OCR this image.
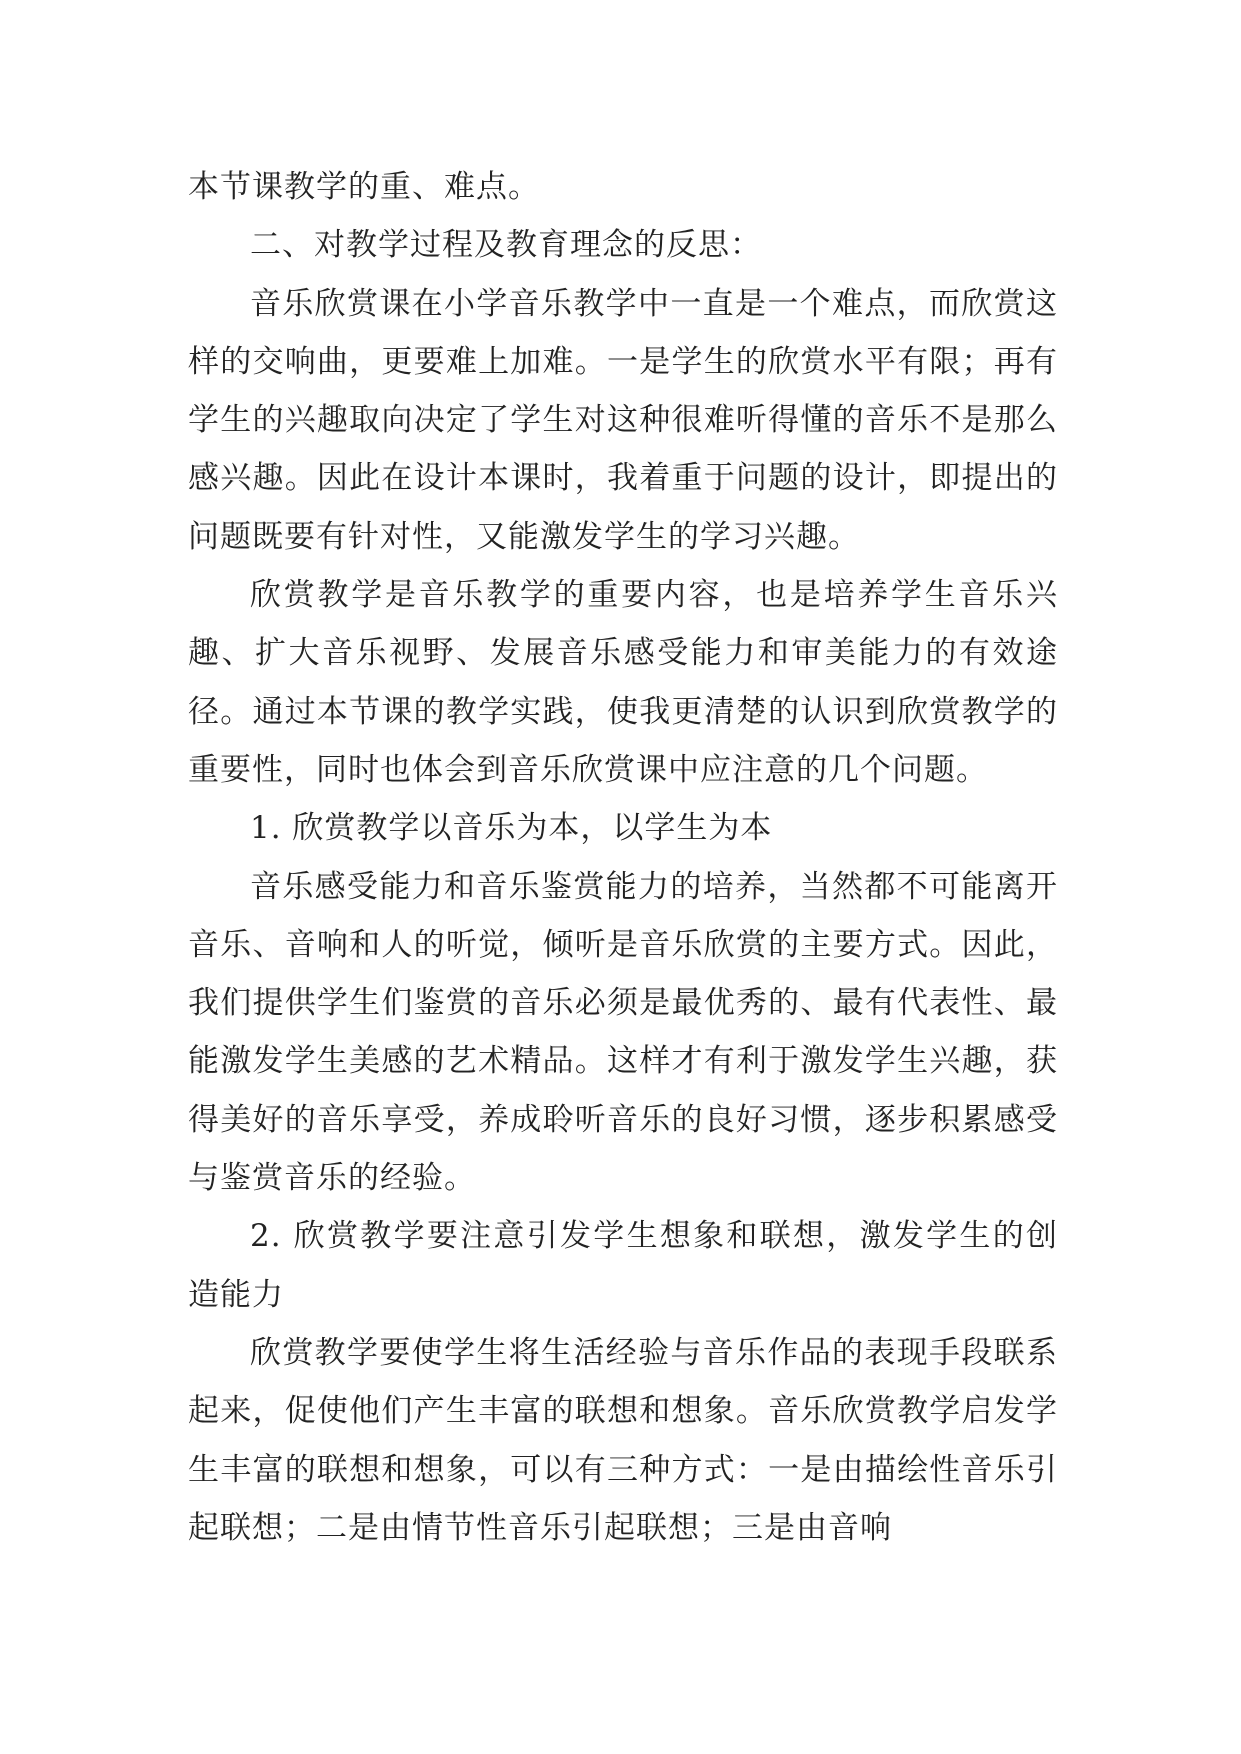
本节课教学的重、难点。

二、对教学过程及教育理念的反思：

音乐欣赏课在小学音乐教学中一直是一个难点，而欣赏这样的交响曲，更要难上加难。一是学生的欣赏水平有限；再有学生的兴趣取向决定了学生对这种很难听得懂的音乐不是那么感兴趣。因此在设计本课时，我着重于问题的设计，即提出的问题既要有针对性，又能激发学生的学习兴趣。

欣赏教学是音乐教学的重要内容，也是培养学生音乐兴趣、扩大音乐视野、发展音乐感受能力和审美能力的有效途径。通过本节课的教学实践，使我更清楚的认识到欣赏教学的重要性，同时也体会到音乐欣赏课中应注意的几个问题。

1. 欣赏教学以音乐为本，以学生为本

音乐感受能力和音乐鉴赏能力的培养，当然都不可能离开音乐、音响和人的听觉，倾听是音乐欣赏的主要方式。因此，我们提供学生们鉴赏的音乐必须是最优秀的、最有代表性、最能激发学生美感的艺术精品。这样才有利于激发学生兴趣，获得美好的音乐享受，养成聆听音乐的良好习惯，逐步积累感受与鉴赏音乐的经验。

2. 欣赏教学要注意引发学生想象和联想，激发学生的创造能力

欣赏教学要使学生将生活经验与音乐作品的表现手段联系起来，促使他们产生丰富的联想和想象。音乐欣赏教学启发学生丰富的联想和想象，可以有三种方式：一是由描绘性音乐引起联想；二是由情节性音乐引起联想；三是由音响
